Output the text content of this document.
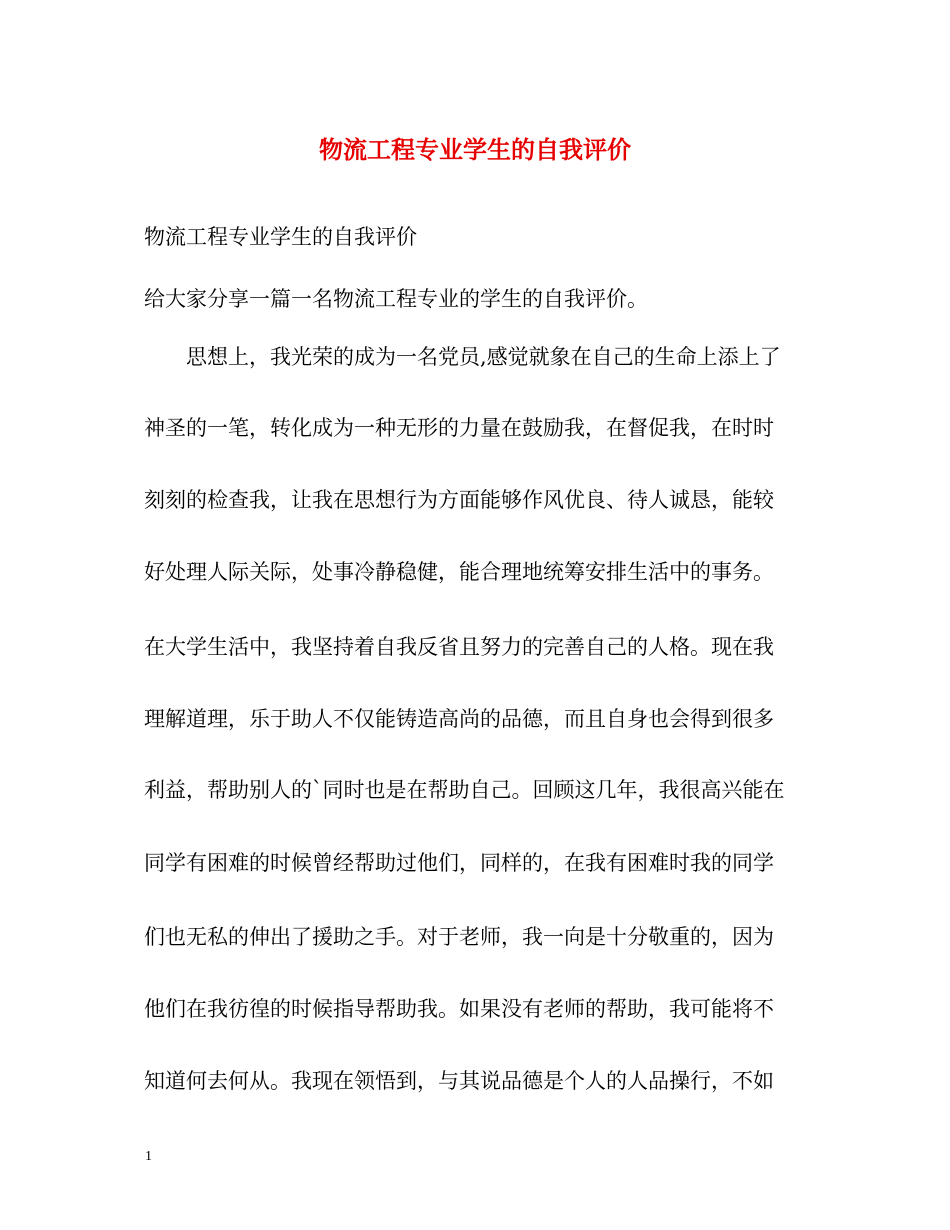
物流工程专业学生的自我评价
物流工程专业学生的自我评价
给大家分享一篇一名物流工程专业的学生的自我评价。
　　思想上，我光荣的成为一名党员,感觉就象在自己的生命上添上了
神圣的一笔，转化成为一种无形的力量在鼓励我，在督促我，在时时
刻刻的检查我，让我在思想行为方面能够作风优良、待人诚恳，能较
好处理人际关际，处事冷静稳健，能合理地统筹安排生活中的事务。
在大学生活中，我坚持着自我反省且努力的完善自己的人格。现在我
理解道理，乐于助人不仅能铸造高尚的品德，而且自身也会得到很多
利益，帮助别人的`同时也是在帮助自己。回顾这几年，我很高兴能在
同学有困难的时候曾经帮助过他们，同样的，在我有困难时我的同学
们也无私的伸出了援助之手。对于老师，我一向是十分敬重的，因为
他们在我彷徨的时候指导帮助我。如果没有老师的帮助，我可能将不
知道何去何从。我现在领悟到，与其说品德是个人的人品操行，不如
1
